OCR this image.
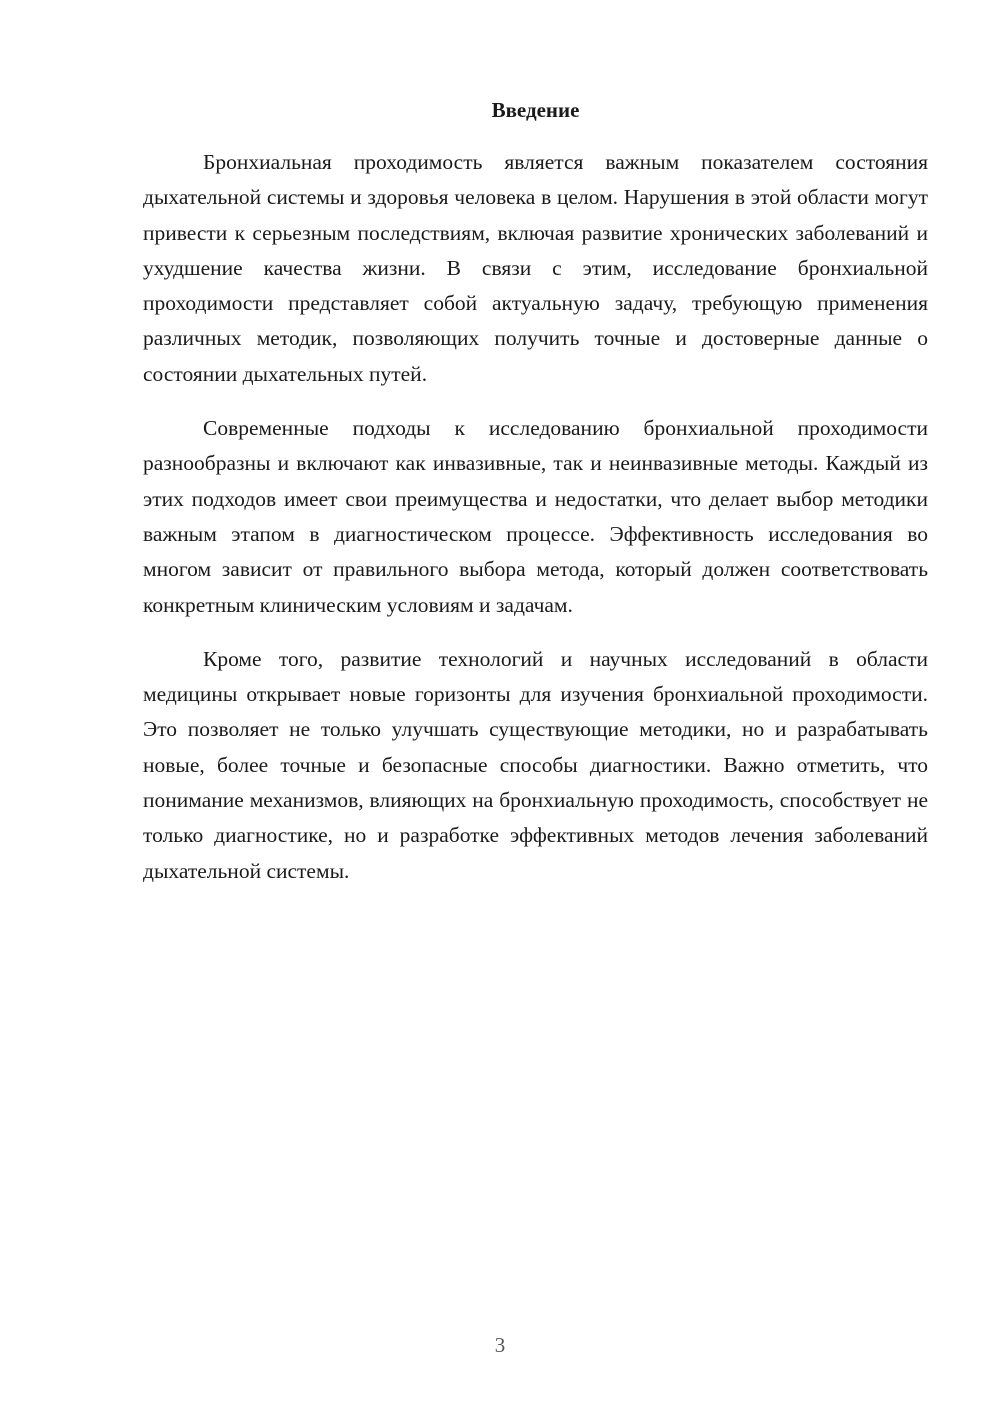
Введение

Бронхиальная проходимость является важным показателем состояния дыхательной системы и здоровья человека в целом. Нарушения в этой области могут привести к серьезным последствиям, включая развитие хронических заболеваний и ухудшение качества жизни. В связи с этим, исследование бронхиальной проходимости представляет собой актуальную задачу, требующую применения различных методик, позволяющих получить точные и достоверные данные о состоянии дыхательных путей.

Современные подходы к исследованию бронхиальной проходимости разнообразны и включают как инвазивные, так и неинвазивные методы. Каждый из этих подходов имеет свои преимущества и недостатки, что делает выбор методики важным этапом в диагностическом процессе. Эффективность исследования во многом зависит от правильного выбора метода, который должен соответствовать конкретным клиническим условиям и задачам.

Кроме того, развитие технологий и научных исследований в области медицины открывает новые горизонты для изучения бронхиальной проходимости. Это позволяет не только улучшать существующие методики, но и разрабатывать новые, более точные и безопасные способы диагностики. Важно отметить, что понимание механизмов, влияющих на бронхиальную проходимость, способствует не только диагностике, но и разработке эффективных методов лечения заболеваний дыхательной системы.

3
